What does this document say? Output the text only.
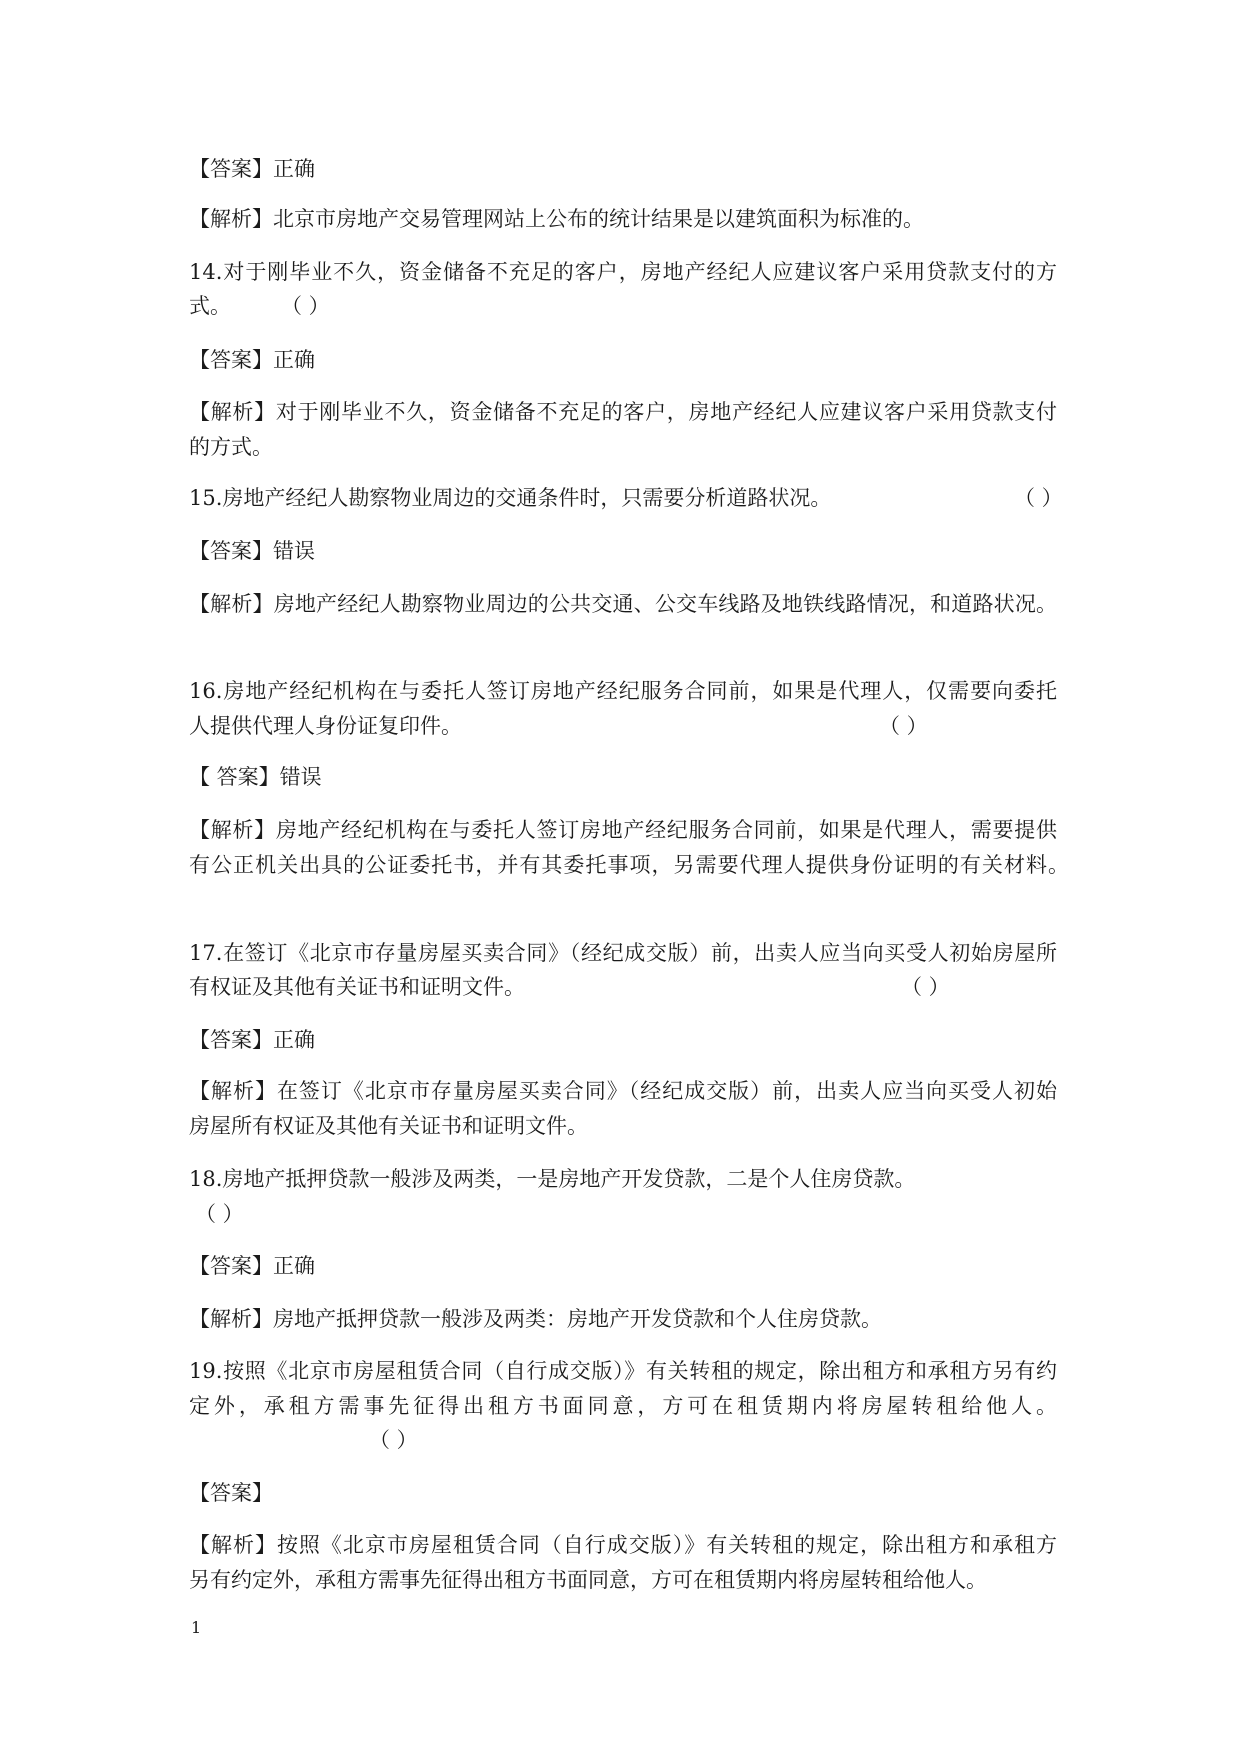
【答案】正确
【解析】北京市房地产交易管理网站上公布的统计结果是以建筑面积为标准的。
14.对于刚毕业不久，资金储备不充足的客户，房地产经纪人应建议客户采用贷款支付的方
式。 （ ）
【答案】正确
【解析】对于刚毕业不久，资金储备不充足的客户，房地产经纪人应建议客户采用贷款支付
的方式。
15.房地产经纪人勘察物业周边的交通条件时，只需要分析道路状况。	（ ）
【答案】错误
【解析】房地产经纪人勘察物业周边的公共交通、公交车线路及地铁线路情况，和道路状况。
16.房地产经纪机构在与委托人签订房地产经纪服务合同前，如果是代理人，仅需要向委托
人提供代理人身份证复印件。	（ ）
【 答案】错误
【解析】房地产经纪机构在与委托人签订房地产经纪服务合同前，如果是代理人，需要提供
有公正机关出具的公证委托书，并有其委托事项，另需要代理人提供身份证明的有关材料。
17.在签订《北京市存量房屋买卖合同》（经纪成交版）前，出卖人应当向买受人初始房屋所
有权证及其他有关证书和证明文件。	（ ）
【答案】正确
【解析】在签订《北京市存量房屋买卖合同》（经纪成交版）前，出卖人应当向买受人初始
房屋所有权证及其他有关证书和证明文件。
18.房地产抵押贷款一般涉及两类，一是房地产开发贷款，二是个人住房贷款。
（ ）
【答案】正确
【解析】房地产抵押贷款一般涉及两类：房地产开发贷款和个人住房贷款。
19.按照《北京市房屋租赁合同（自行成交版）》有关转租的规定，除出租方和承租方另有约
定外，承租方需事先征得出租方书面同意，方可在租赁期内将房屋转租给他人。
（ ）
【答案】
【解析】按照《北京市房屋租赁合同（自行成交版）》有关转租的规定，除出租方和承租方
另有约定外，承租方需事先征得出租方书面同意，方可在租赁期内将房屋转租给他人。
1
